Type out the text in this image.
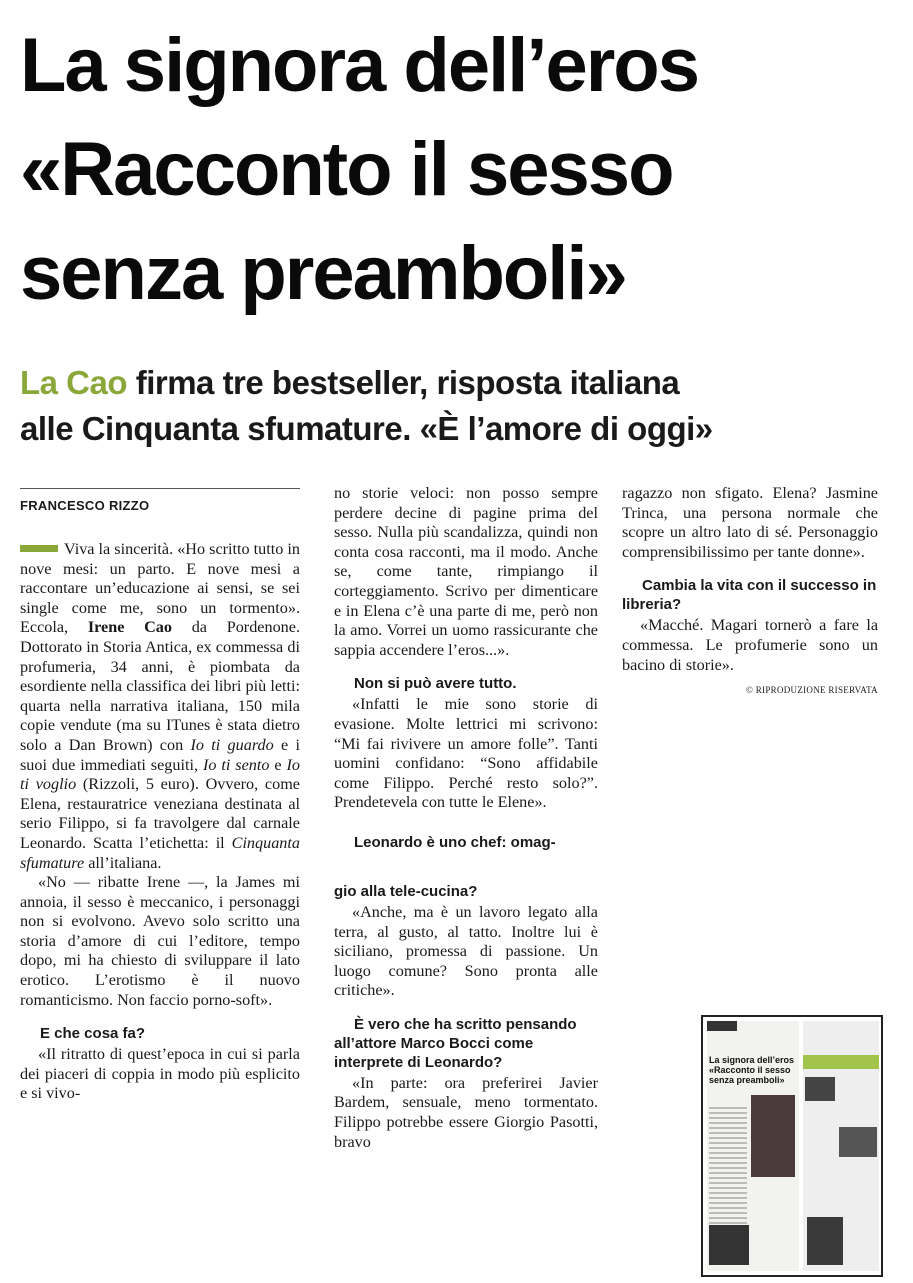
La signora dell’eros
«Racconto il sesso
senza preamboli»
La Cao firma tre bestseller, risposta italiana
alle Cinquanta sfumature. «È l’amore di oggi»
FRANCESCO RIZZO

Viva la sincerità. «Ho scritto tutto in nove mesi: un parto. E nove mesi a raccontare un’educazione ai sensi, se sei single come me, sono un tormento». Eccola, Irene Cao da Pordenone. Dottorato in Storia Antica, ex commessa di profumeria, 34 anni, è piombata da esordiente nella classifica dei libri più letti: quarta nella narrativa italiana, 150 mila copie vendute (ma su ITunes è stata dietro solo a Dan Brown) con Io ti guardo e i suoi due immediati seguiti, Io ti sento e Io ti voglio (Rizzoli, 5 euro). Ovvero, come Elena, restauratrice veneziana destinata al serio Filippo, si fa travolgere dal carnale Leonardo. Scatta l’etichetta: il Cinquanta sfumature all’italiana.

«No — ribatte Irene —, la James mi annoia, il sesso è meccanico, i personaggi non si evolvono. Avevo solo scritto una storia d’amore di cui l’editore, tempo dopo, mi ha chiesto di sviluppare il lato erotico. L’erotismo è il nuovo romanticismo. Non faccio porno-soft».

E che cosa fa?

«Il ritratto di quest’epoca in cui si parla dei piaceri di coppia in modo più esplicito e si vivo-

no storie veloci: non posso sempre perdere decine di pagine prima del sesso. Nulla più scandalizza, quindi non conta cosa racconti, ma il modo. Anche se, come tante, rimpiango il corteggiamento. Scrivo per dimenticare e in Elena c’è una parte di me, però non la amo. Vorrei un uomo rassicurante che sappia accendere l’eros...».

Non si può avere tutto.

«Infatti le mie sono storie di evasione. Molte lettrici mi scrivono: “Mi fai rivivere un amore folle”. Tanti uomini confidano: “Sono affidabile come Filippo. Perché resto solo?”. Prendetevela con tutte le Elene».

Leonardo è uno chef: omag-
gio alla tele-cucina?

«Anche, ma è un lavoro legato alla terra, al gusto, al tatto. Inoltre lui è siciliano, promessa di passione. Un luogo comune? Sono pronta alle critiche».

È vero che ha scritto pensando all’attore Marco Bocci come interprete di Leonardo?

«In parte: ora preferirei Javier Bardem, sensuale, meno tormentato. Filippo potrebbe essere Giorgio Pasotti, bravo

ragazzo non sfigato. Elena? Jasmine Trinca, una persona normale che scopre un altro lato di sé. Personaggio comprensibilissimo per tante donne».

Cambia la vita con il successo in libreria?

«Macché. Magari tornerò a fare la commessa. Le profumerie sono un bacino di storie».

© RIPRODUZIONE RISERVATA
La signora dell’eros «Racconto il sesso senza preamboli»
